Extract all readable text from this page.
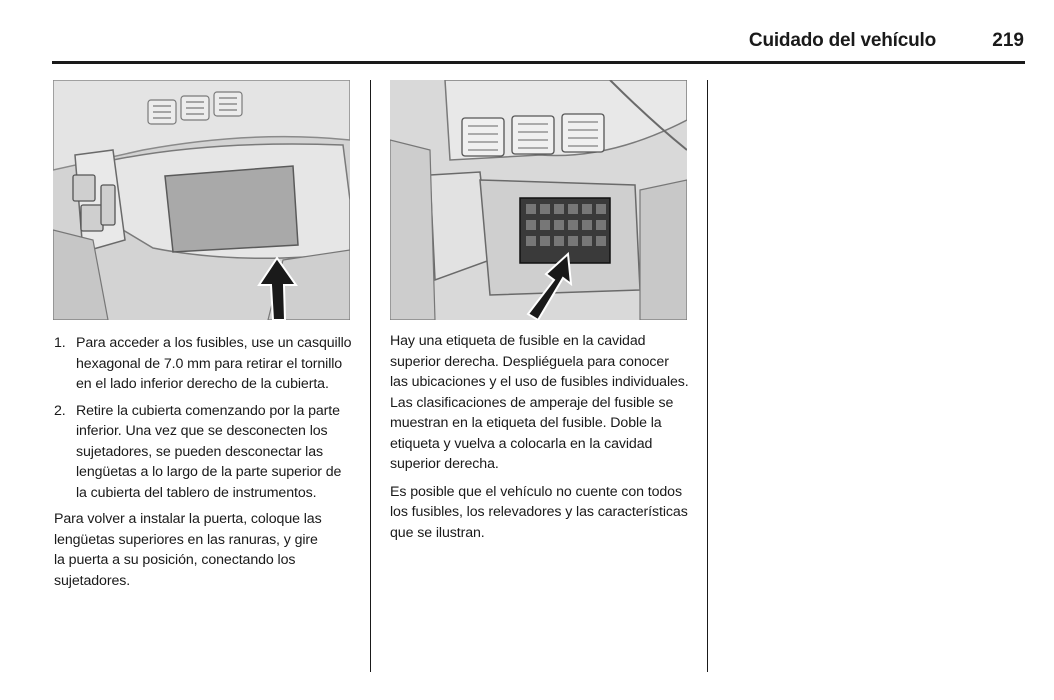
Cuidado del vehículo	219
1. Para acceder a los fusibles, use un casquillo hexagonal de 7.0 mm para retirar el tornillo en el lado inferior derecho de la cubierta.
2. Retire la cubierta comenzando por la parte inferior. Una vez que se desconecten los sujetadores, se pueden desconectar las lengüetas a lo largo de la parte superior de la cubierta del tablero de instrumentos.

Para volver a instalar la puerta, coloque las lengüetas superiores en las ranuras, y gire la puerta a su posición, conectando los sujetadores.

Hay una etiqueta de fusible en la cavidad superior derecha. Despliéguela para conocer las ubicaciones y el uso de fusibles individuales. Las clasificaciones de amperaje del fusible se muestran en la etiqueta del fusible. Doble la etiqueta y vuelva a colocarla en la cavidad superior derecha.

Es posible que el vehículo no cuente con todos los fusibles, los relevadores y las características que se ilustran.
